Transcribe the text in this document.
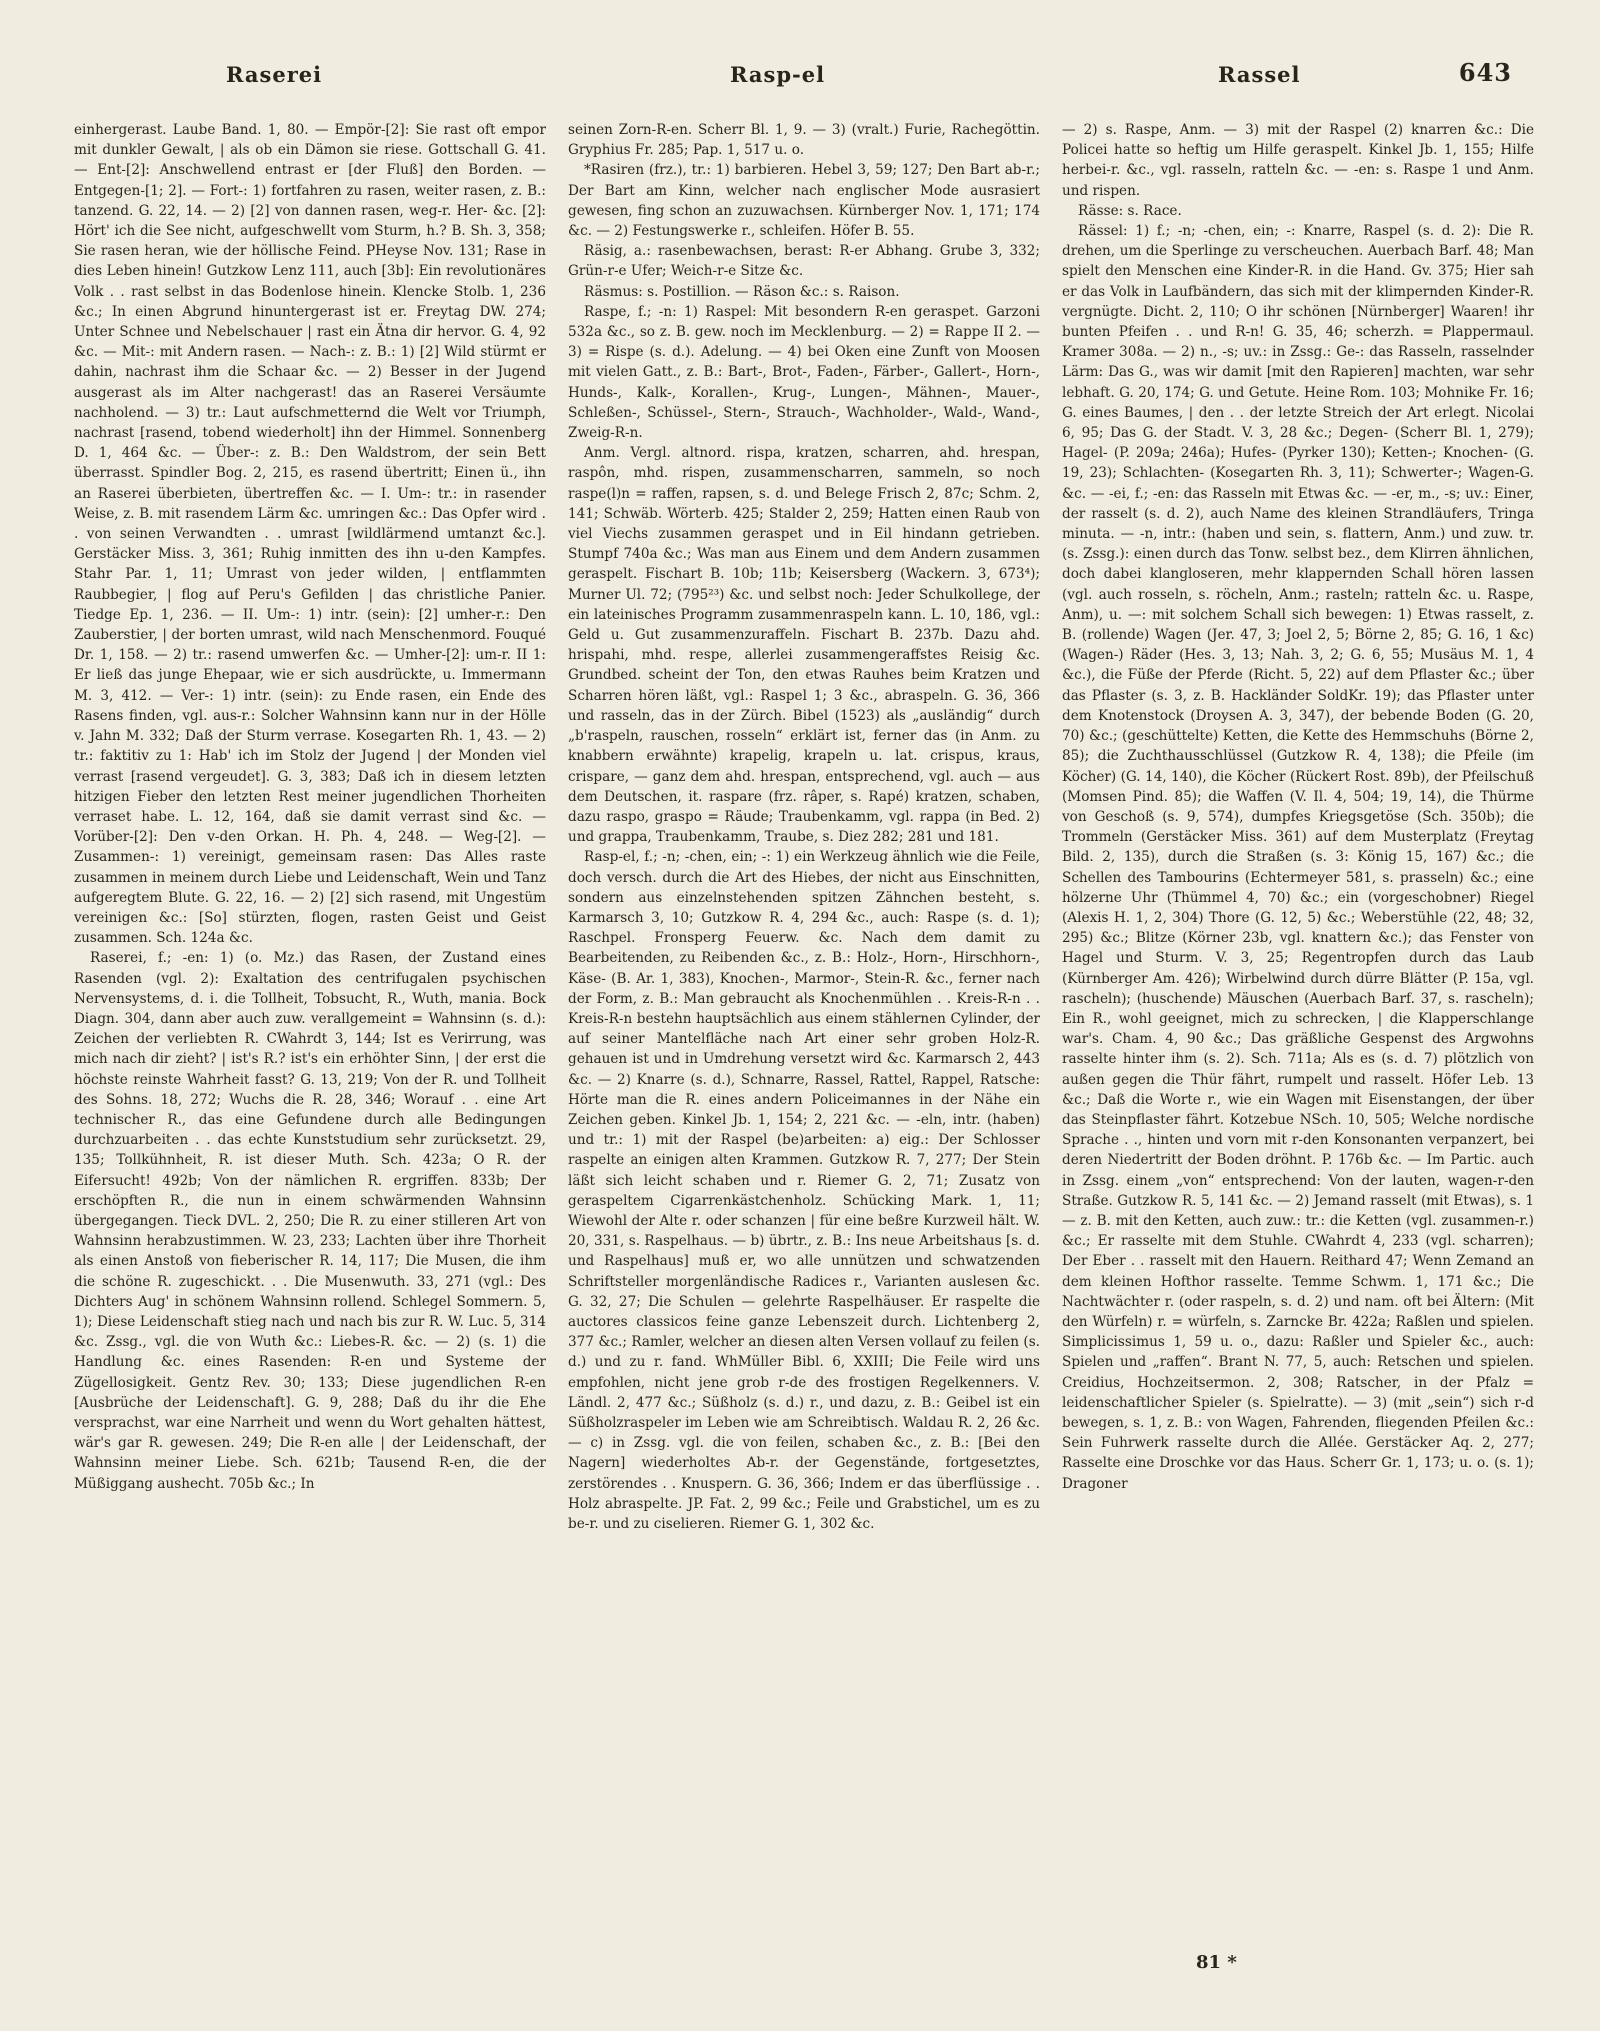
Raserei	Rasp-el	Rassel	643

einhergerast. Laube Band. 1, 80. — Empör-[2]: Sie rast oft empor mit dunkler Gewalt, | als ob ein Dämon sie riese. Gottschall G. 41. — Ent-[2]: Anschwellend entrast er [der Fluß] den Borden. — Entgegen-[1; 2]. — Fort-: 1) fortfahren zu rasen, weiter rasen, z. B.: tanzend. G. 22, 14. — 2) [2] von dannen rasen, weg-r. Her- &c. [2]: Hört' ich die See nicht, aufgeschwellt vom Sturm, h.? B. Sh. 3, 358; Sie rasen heran, wie der höllische Feind. PHeyse Nov. 131; Rase in dies Leben hinein! Gutzkow Lenz 111, auch [3b]: Ein revolutionäres Volk . . rast selbst in das Bodenlose hinein. Klencke Stolb. 1, 236 &c.; In einen Abgrund hinuntergerast ist er. Freytag DW. 274; Unter Schnee und Nebelschauer | rast ein Ätna dir hervor. G. 4, 92 &c. — Mit-: mit Andern rasen. — Nach-: z. B.: 1) [2] Wild stürmt er dahin, nachrast ihm die Schaar &c. — 2) Besser in der Jugend ausgerast als im Alter nachgerast! das an Raserei Versäumte nachholend. — 3) tr.: Laut aufschmetternd die Welt vor Triumph, nachrast [rasend, tobend wiederholt] ihn der Himmel. Sonnenberg D. 1, 464 &c. — Über-: z. B.: Den Waldstrom, der sein Bett überrasst. Spindler Bog. 2, 215, es rasend übertritt; Einen ü., ihn an Raserei überbieten, übertreffen &c. — I. Um-: tr.: in rasender Weise, z. B. mit rasendem Lärm &c. umringen &c.: Das Opfer wird . . von seinen Verwandten . . umrast [wildlärmend umtanzt &c.]. Gerstäcker Miss. 3, 361; Ruhig inmitten des ihn u-den Kampfes. Stahr Par. 1, 11; Umrast von jeder wilden, | entflammten Raubbegier, | flog auf Peru's Gefilden | das christliche Panier. Tiedge Ep. 1, 236. — II. Um-: 1) intr. (sein): [2] umher-r.: Den Zauberstier, | der borten umrast, wild nach Menschenmord. Fouqué Dr. 1, 158. — 2) tr.: rasend umwerfen &c. — Umher-[2]: um-r. II 1: Er ließ das junge Ehepaar, wie er sich ausdrückte, u. Immermann M. 3, 412. — Ver-: 1) intr. (sein): zu Ende rasen, ein Ende des Rasens finden, vgl. aus-r.: Solcher Wahnsinn kann nur in der Hölle v. Jahn M. 332; Daß der Sturm verrase. Kosegarten Rh. 1, 43. — 2) tr.: faktitiv zu 1: Hab' ich im Stolz der Jugend | der Monden viel verrast [rasend vergeudet]. G. 3, 383; Daß ich in diesem letzten hitzigen Fieber den letzten Rest meiner jugendlichen Thorheiten verraset habe. L. 12, 164, daß sie damit verrast sind &c. — Vorüber-[2]: Den v-den Orkan. H. Ph. 4, 248. — Weg-[2]. — Zusammen-: 1) vereinigt, gemeinsam rasen: Das Alles raste zusammen in meinem durch Liebe und Leidenschaft, Wein und Tanz aufgeregtem Blute. G. 22, 16. — 2) [2] sich rasend, mit Ungestüm vereinigen &c.: [So] stürzten, flogen, rasten Geist und Geist zusammen. Sch. 124a &c.

Raserei, f.; -en: 1) (o. Mz.) das Rasen, der Zustand eines Rasenden (vgl. 2): Exaltation des centrifugalen psychischen Nervensystems, d. i. die Tollheit, Tobsucht, R., Wuth, mania. Bock Diagn. 304, dann aber auch zuw. verallgemeint = Wahnsinn (s. d.): Zeichen der verliebten R. CWahrdt 3, 144; Ist es Verirrung, was mich nach dir zieht? | ist's R.? ist's ein erhöhter Sinn, | der erst die höchste reinste Wahrheit fasst? G. 13, 219; Von der R. und Tollheit des Sohns. 18, 272; Wuchs die R. 28, 346; Worauf . . eine Art technischer R., das eine Gefundene durch alle Bedingungen durchzuarbeiten . . das echte Kunststudium sehr zurücksetzt. 29, 135; Tollkühnheit, R. ist dieser Muth. Sch. 423a; O R. der Eifersucht! 492b; Von der nämlichen R. ergriffen. 833b; Der erschöpften R., die nun in einem schwärmenden Wahnsinn übergegangen. Tieck DVL. 2, 250; Die R. zu einer stilleren Art von Wahnsinn herabzustimmen. W. 23, 233; Lachten über ihre Thorheit als einen Anstoß von fieberischer R. 14, 117; Die Musen, die ihm die schöne R. zugeschickt. . . Die Musenwuth. 33, 271 (vgl.: Des Dichters Aug' in schönem Wahnsinn rollend. Schlegel Sommern. 5, 1); Diese Leidenschaft stieg nach und nach bis zur R. W. Luc. 5, 314 &c. Zssg., vgl. die von Wuth &c.: Liebes-R. &c. — 2) (s. 1) die Handlung &c. eines Rasenden: R-en und Systeme der Zügellosigkeit. Gentz Rev. 30; 133; Diese jugendlichen R-en [Ausbrüche der Leidenschaft]. G. 9, 288; Daß du ihr die Ehe versprachst, war eine Narrheit und wenn du Wort gehalten hättest, wär's gar R. gewesen. 249; Die R-en alle | der Leidenschaft, der Wahnsinn meiner Liebe. Sch. 621b; Tausend R-en, die der Müßiggang aushecht. 705b &c.; In

seinen Zorn-R-en. Scherr Bl. 1, 9. — 3) (vralt.) Furie, Rachegöttin. Gryphius Fr. 285; Pap. 1, 517 u. o.

*Rasiren (frz.), tr.: 1) barbieren. Hebel 3, 59; 127; Den Bart ab-r.; Der Bart am Kinn, welcher nach englischer Mode ausrasiert gewesen, fing schon an zuzuwachsen. Kürnberger Nov. 1, 171; 174 &c. — 2) Festungswerke r., schleifen. Höfer B. 55.

Räsig, a.: rasenbewachsen, berast: R-er Abhang. Grube 3, 332; Grün-r-e Ufer; Weich-r-e Sitze &c.

Räsmus: s. Postillion. — Räson &c.: s. Raison.

Raspe, f.; -n: 1) Raspel: Mit besondern R-en geraspet. Garzoni 532a &c., so z. B. gew. noch im Mecklenburg. — 2) = Rappe II 2. — 3) = Rispe (s. d.). Adelung. — 4) bei Oken eine Zunft von Moosen mit vielen Gatt., z. B.: Bart-, Brot-, Faden-, Färber-, Gallert-, Horn-, Hunds-, Kalk-, Korallen-, Krug-, Lungen-, Mähnen-, Mauer-, Schleßen-, Schüssel-, Stern-, Strauch-, Wachholder-, Wald-, Wand-, Zweig-R-n.

Anm. Vergl. altnord. rispa, kratzen, scharren, ahd. hrespan, raspôn, mhd. rispen, zusammenscharren, sammeln, so noch raspe(l)n = raffen, rapsen, s. d. und Belege Frisch 2, 87c; Schm. 2, 141; Schwäb. Wörterb. 425; Stalder 2, 259; Hatten einen Raub von viel Viechs zusammen geraspet und in Eil hindann getrieben. Stumpf 740a &c.; Was man aus Einem und dem Andern zusammen geraspelt. Fischart B. 10b; 11b; Keisersberg (Wackern. 3, 673⁴); Murner Ul. 72; (795²³) &c. und selbst noch: Jeder Schulkollege, der ein lateinisches Programm zusammenraspeln kann. L. 10, 186, vgl.: Geld u. Gut zusammenzuraffeln. Fischart B. 237b. Dazu ahd. hrispahi, mhd. respe, allerlei zusammengeraffstes Reisig &c. Grundbed. scheint der Ton, den etwas Rauhes beim Kratzen und Scharren hören läßt, vgl.: Raspel 1; 3 &c., abraspeln. G. 36, 366 und rasseln, das in der Zürch. Bibel (1523) als „ausländig“ durch „b'raspeln, rauschen, rosseln“ erklärt ist, ferner das (in Anm. zu knabbern erwähnte) krapelig, krapeln u. lat. crispus, kraus, crispare, — ganz dem ahd. hrespan, entsprechend, vgl. auch — aus dem Deutschen, it. raspare (frz. râper, s. Rapé) kratzen, schaben, dazu raspo, graspo = Räude; Traubenkamm, vgl. rappa (in Bed. 2) und grappa, Traubenkamm, Traube, s. Diez 282; 281 und 181.

Rasp-el, f.; -n; -chen, ein; -: 1) ein Werkzeug ähnlich wie die Feile, doch versch. durch die Art des Hiebes, der nicht aus Einschnitten, sondern aus einzelnstehenden spitzen Zähnchen besteht, s. Karmarsch 3, 10; Gutzkow R. 4, 294 &c., auch: Raspe (s. d. 1); Raschpel. Fronsperg Feuerw. &c. Nach dem damit zu Bearbeitenden, zu Reibenden &c., z. B.: Holz-, Horn-, Hirschhorn-, Käse- (B. Ar. 1, 383), Knochen-, Marmor-, Stein-R. &c., ferner nach der Form, z. B.: Man gebraucht als Knochenmühlen . . Kreis-R-n . . Kreis-R-n bestehn hauptsächlich aus einem stählernen Cylinder, der auf seiner Mantelfläche nach Art einer sehr groben Holz-R. gehauen ist und in Umdrehung versetzt wird &c. Karmarsch 2, 443 &c. — 2) Knarre (s. d.), Schnarre, Rassel, Rattel, Rappel, Ratsche: Hörte man die R. eines andern Policeimannes in der Nähe ein Zeichen geben. Kinkel Jb. 1, 154; 2, 221 &c. — -eln, intr. (haben) und tr.: 1) mit der Raspel (be)arbeiten: a) eig.: Der Schlosser raspelte an einigen alten Krammen. Gutzkow R. 7, 277; Der Stein läßt sich leicht schaben und r. Riemer G. 2, 71; Zusatz von geraspeltem Cigarrenkästchenholz. Schücking Mark. 1, 11; Wiewohl der Alte r. oder schanzen | für eine beßre Kurzweil hält. W. 20, 331, s. Raspelhaus. — b) übrtr., z. B.: Ins neue Arbeitshaus [s. d. und Raspelhaus] muß er, wo alle unnützen und schwatzenden Schriftsteller morgenländische Radices r., Varianten auslesen &c. G. 32, 27; Die Schulen — gelehrte Raspelhäuser. Er raspelte die auctores classicos feine ganze Lebenszeit durch. Lichtenberg 2, 377 &c.; Ramler, welcher an diesen alten Versen vollauf zu feilen (s. d.) und zu r. fand. WhMüller Bibl. 6, XXIII; Die Feile wird uns empfohlen, nicht jene grob r-de des frostigen Regelkenners. V. Ländl. 2, 477 &c.; Süßholz (s. d.) r., und dazu, z. B.: Geibel ist ein Süßholzraspeler im Leben wie am Schreibtisch. Waldau R. 2, 26 &c. — c) in Zssg. vgl. die von feilen, schaben &c., z. B.: [Bei den Nagern] wiederholtes Ab-r. der Gegenstände, fortgesetztes, zerstörendes . . Knuspern. G. 36, 366; Indem er das überflüssige . . Holz abraspelte. JP. Fat. 2, 99 &c.; Feile und Grabstichel, um es zu be-r. und zu ciselieren. Riemer G. 1, 302 &c.

— 2) s. Raspe, Anm. — 3) mit der Raspel (2) knarren &c.: Die Policei hatte so heftig um Hilfe geraspelt. Kinkel Jb. 1, 155; Hilfe herbei-r. &c., vgl. rasseln, ratteln &c. — -en: s. Raspe 1 und Anm. und rispen.

Rässe: s. Race.

Rässel: 1) f.; -n; -chen, ein; -: Knarre, Raspel (s. d. 2): Die R. drehen, um die Sperlinge zu verscheuchen. Auerbach Barf. 48; Man spielt den Menschen eine Kinder-R. in die Hand. Gv. 375; Hier sah er das Volk in Laufbändern, das sich mit der klimpernden Kinder-R. vergnügte. Dicht. 2, 110; O ihr schönen [Nürnberger] Waaren! ihr bunten Pfeifen . . und R-n! G. 35, 46; scherzh. = Plappermaul. Kramer 308a. — 2) n., -s; uv.: in Zssg.: Ge-: das Rasseln, rasselnder Lärm: Das G., was wir damit [mit den Rapieren] machten, war sehr lebhaft. G. 20, 174; G. und Getute. Heine Rom. 103; Mohnike Fr. 16; G. eines Baumes, | den . . der letzte Streich der Art erlegt. Nicolai 6, 95; Das G. der Stadt. V. 3, 28 &c.; Degen- (Scherr Bl. 1, 279); Hagel- (P. 209a; 246a); Hufes- (Pyrker 130); Ketten-; Knochen- (G. 19, 23); Schlachten- (Kosegarten Rh. 3, 11); Schwerter-; Wagen-G. &c. — -ei, f.; -en: das Rasseln mit Etwas &c. — -er, m., -s; uv.: Einer, der rasselt (s. d. 2), auch Name des kleinen Strandläufers, Tringa minuta. — -n, intr.: (haben und sein, s. flattern, Anm.) und zuw. tr. (s. Zssg.): einen durch das Tonw. selbst bez., dem Klirren ähnlichen, doch dabei klangloseren, mehr klappernden Schall hören lassen (vgl. auch rosseln, s. röcheln, Anm.; rasteln; ratteln &c. u. Raspe, Anm), u. —: mit solchem Schall sich bewegen: 1) Etwas rasselt, z. B. (rollende) Wagen (Jer. 47, 3; Joel 2, 5; Börne 2, 85; G. 16, 1 &c) (Wagen-) Räder (Hes. 3, 13; Nah. 3, 2; G. 6, 55; Musäus M. 1, 4 &c.), die Füße der Pferde (Richt. 5, 22) auf dem Pflaster &c.; über das Pflaster (s. 3, z. B. Hackländer SoldKr. 19); das Pflaster unter dem Knotenstock (Droysen A. 3, 347), der bebende Boden (G. 20, 70) &c.; (geschüttelte) Ketten, die Kette des Hemmschuhs (Börne 2, 85); die Zuchthausschlüssel (Gutzkow R. 4, 138); die Pfeile (im Köcher) (G. 14, 140), die Köcher (Rückert Rost. 89b), der Pfeilschuß (Momsen Pind. 85); die Waffen (V. Il. 4, 504; 19, 14), die Thürme von Geschoß (s. 9, 574), dumpfes Kriegsgetöse (Sch. 350b); die Trommeln (Gerstäcker Miss. 361) auf dem Musterplatz (Freytag Bild. 2, 135), durch die Straßen (s. 3: König 15, 167) &c.; die Schellen des Tambourins (Echtermeyer 581, s. prasseln) &c.; eine hölzerne Uhr (Thümmel 4, 70) &c.; ein (vorgeschobner) Riegel (Alexis H. 1, 2, 304) Thore (G. 12, 5) &c.; Weberstühle (22, 48; 32, 295) &c.; Blitze (Körner 23b, vgl. knattern &c.); das Fenster von Hagel und Sturm. V. 3, 25; Regentropfen durch das Laub (Kürnberger Am. 426); Wirbelwind durch dürre Blätter (P. 15a, vgl. rascheln); (huschende) Mäuschen (Auerbach Barf. 37, s. rascheln); Ein R., wohl geeignet, mich zu schrecken, | die Klapperschlange war's. Cham. 4, 90 &c.; Das gräßliche Gespenst des Argwohns rasselte hinter ihm (s. 2). Sch. 711a; Als es (s. d. 7) plötzlich von außen gegen die Thür fährt, rumpelt und rasselt. Höfer Leb. 13 &c.; Daß die Worte r., wie ein Wagen mit Eisenstangen, der über das Steinpflaster fährt. Kotzebue NSch. 10, 505; Welche nordische Sprache . ., hinten und vorn mit r-den Konsonanten verpanzert, bei deren Niedertritt der Boden dröhnt. P. 176b &c. — Im Partic. auch in Zssg. einem „von“ entsprechend: Von der lauten, wagen-r-den Straße. Gutzkow R. 5, 141 &c. — 2) Jemand rasselt (mit Etwas), s. 1 — z. B. mit den Ketten, auch zuw.: tr.: die Ketten (vgl. zusammen-r.) &c.; Er rasselte mit dem Stuhle. CWahrdt 4, 233 (vgl. scharren); Der Eber . . rasselt mit den Hauern. Reithard 47; Wenn Zemand an dem kleinen Hofthor rasselte. Temme Schwm. 1, 171 &c.; Die Nachtwächter r. (oder raspeln, s. d. 2) und nam. oft bei Ältern: (Mit den Würfeln) r. = würfeln, s. Zarncke Br. 422a; Raßlen und spielen. Simplicissimus 1, 59 u. o., dazu: Raßler und Spieler &c., auch: Spielen und „raffen“. Brant N. 77, 5, auch: Retschen und spielen. Creidius, Hochzeitsermon. 2, 308; Ratscher, in der Pfalz = leidenschaftlicher Spieler (s. Spielratte). — 3) (mit „sein“) sich r-d bewegen, s. 1, z. B.: von Wagen, Fahrenden, fliegenden Pfeilen &c.: Sein Fuhrwerk rasselte durch die Allée. Gerstäcker Aq. 2, 277; Rasselte eine Droschke vor das Haus. Scherr Gr. 1, 173; u. o. (s. 1); Dragoner

81 *
